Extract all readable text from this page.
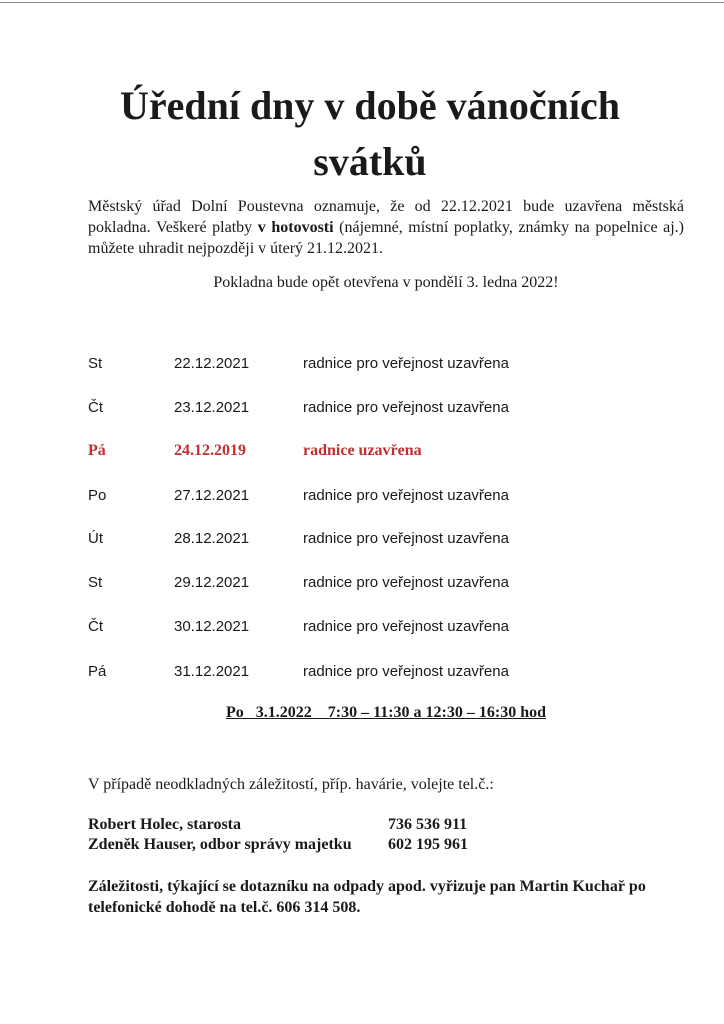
Úřední dny v době vánočních svátků

Městský úřad Dolní Poustevna oznamuje, že od 22.12.2021 bude uzavřena městská pokladna. Veškeré platby v hotovosti (nájemné, místní poplatky, známky na popelnice aj.) můžete uhradit nejpozději v úterý 21.12.2021.

Pokladna bude opět otevřena v pondělí 3. ledna 2022!

St	22.12.2021	radnice pro veřejnost uzavřena
Čt	23.12.2021	radnice pro veřejnost uzavřena
Pá	24.12.2019	radnice uzavřena
Po	27.12.2021	radnice pro veřejnost uzavřena
Út	28.12.2021	radnice pro veřejnost uzavřena
St	29.12.2021	radnice pro veřejnost uzavřena
Čt	30.12.2021	radnice pro veřejnost uzavřena
Pá	31.12.2021	radnice pro veřejnost uzavřena

Po   3.1.2022    7:30 – 11:30 a 12:30 – 16:30 hod

V případě neodkladných záležitostí, příp. havárie, volejte tel.č.:

Robert Holec, starosta	736 536 911
Zdeněk Hauser, odbor správy majetku 602 195 961

Záležitosti, týkající se dotazníku na odpady apod. vyřizuje pan Martin Kuchař po telefonické dohodě na tel.č. 606 314 508.
